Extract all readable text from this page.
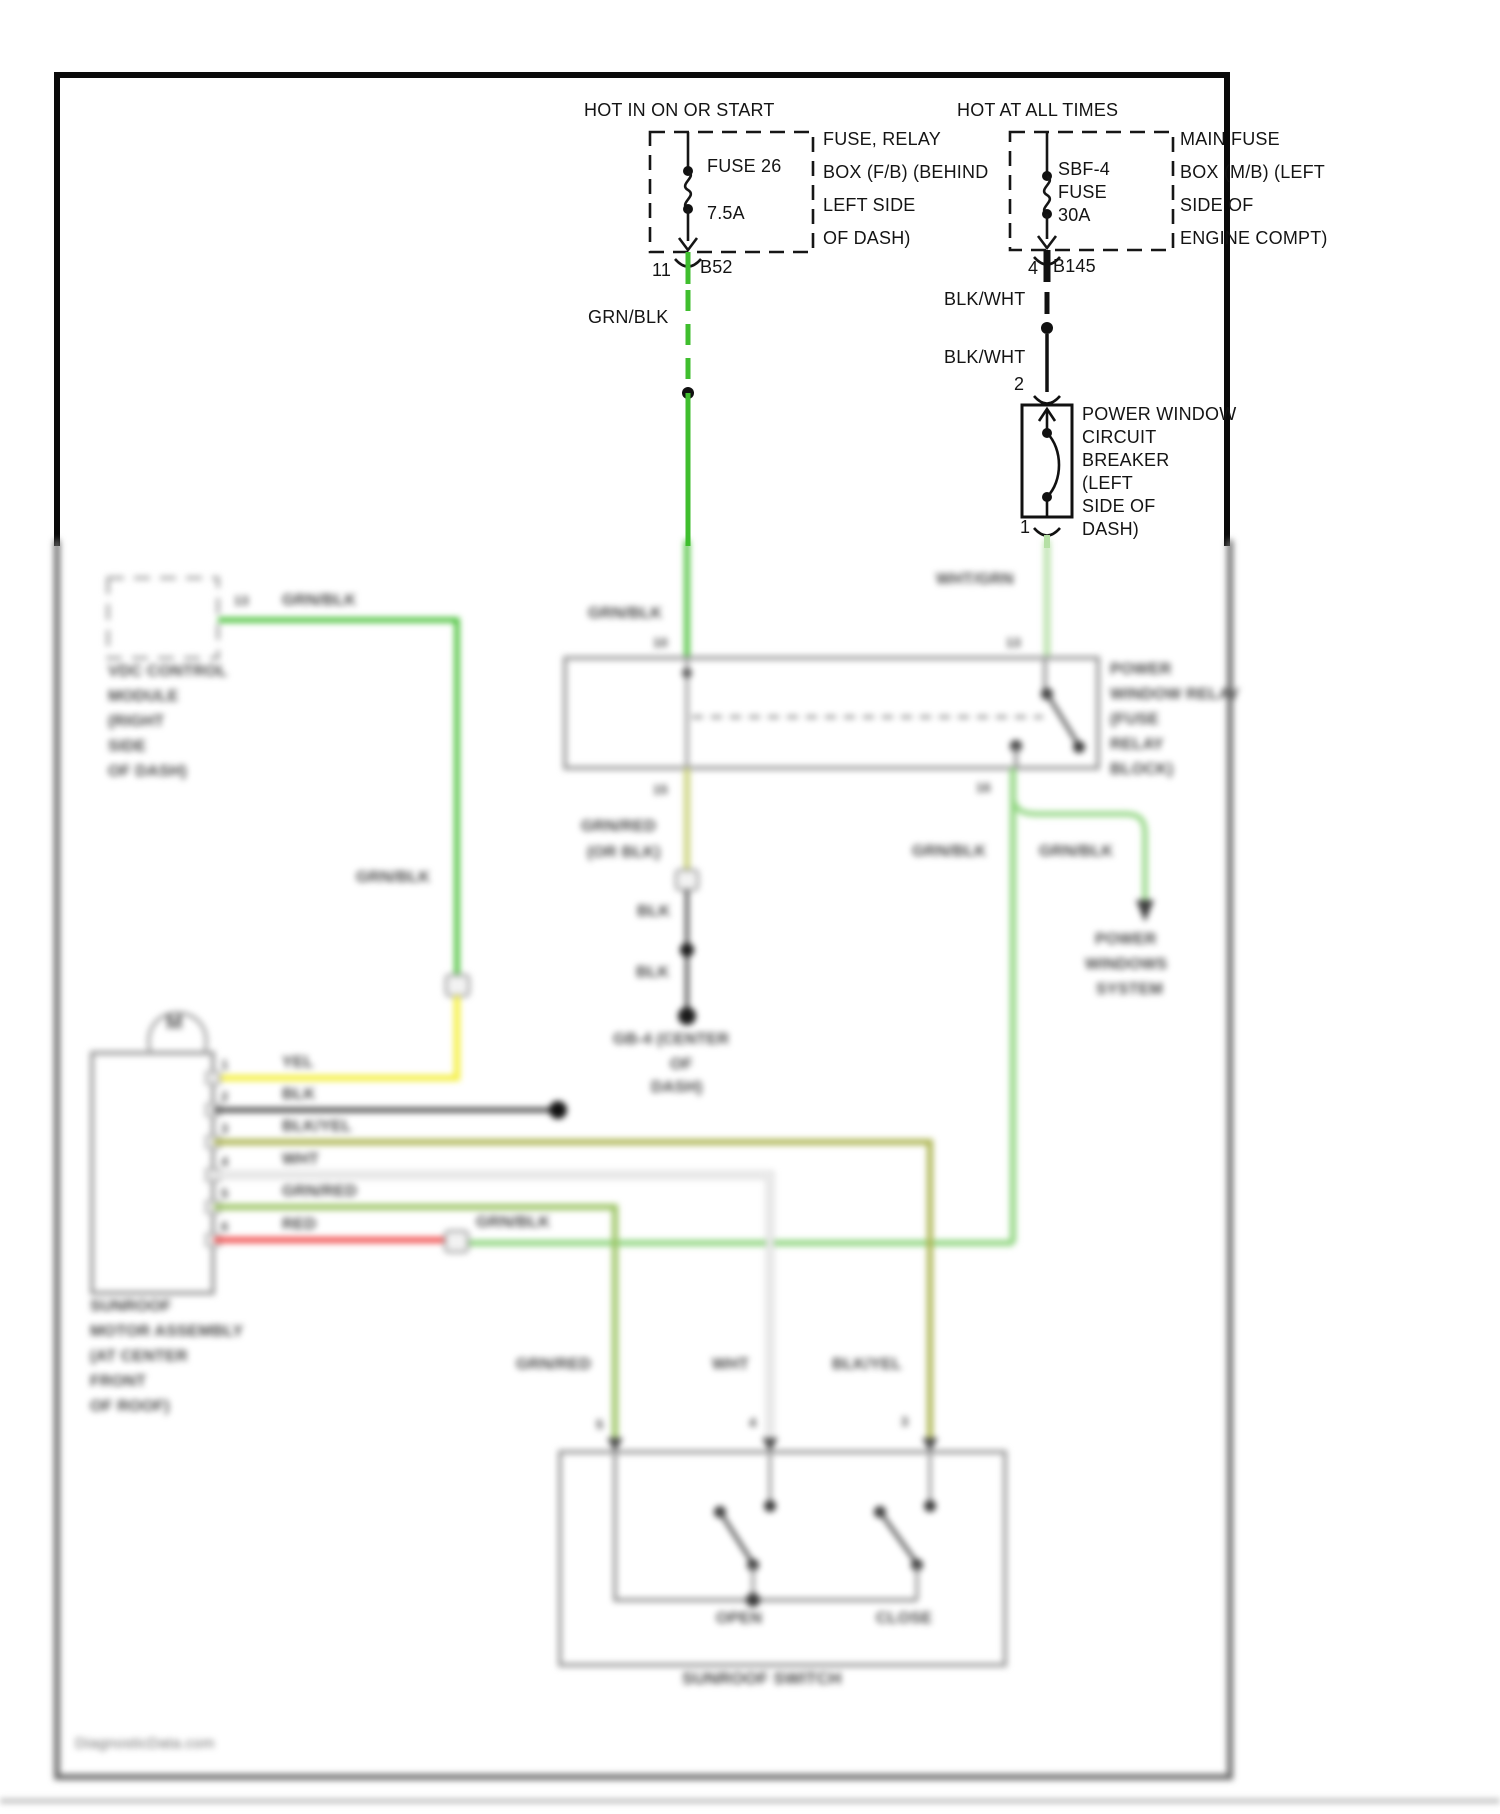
HOT IN ON OR START
FUSE 26
7.5A
FUSE, RELAY
BOX (F/B) (BEHIND
LEFT SIDE
OF DASH)
11 B52
GRN/BLK
HOT AT ALL TIMES
SBF-4
FUSE
30A
MAIN FUSE
BOX (M/B) (LEFT
SIDE OF
ENGINE COMPT)
4 B145
BLK/WHT
BLK/WHT
2
POWER WINDOW
CIRCUIT
BREAKER
(LEFT
SIDE OF
DASH)
1
13 GRN/BLK
VDC CONTROL
MODULE
(RIGHT
SIDE
OF DASH)
GRN/BLK
GRN/BLK
10
WHT/GRN
13
POWER
WINDOW RELAY
(FUSE
RELAY
BLOCK)
15	16
GRN/RED
(OR BLK)
BLK
BLK
GB-4 (CENTER
OF
DASH)
GRN/BLK	GRN/BLK
POWER
WINDOWS
SYSTEM
M
1
2
3
4
5
6
YEL
BLK
BLK/YEL
WHT
GRN/RED
RED	GRN/BLK
SUNROOF
MOTOR ASSEMBLY
(AT CENTER
FRONT
OF ROOF)
GRN/RED	WHT	BLK/YEL
5	4	3
OPEN	CLOSE
SUNROOF SWITCH
DiagnosticData.com
